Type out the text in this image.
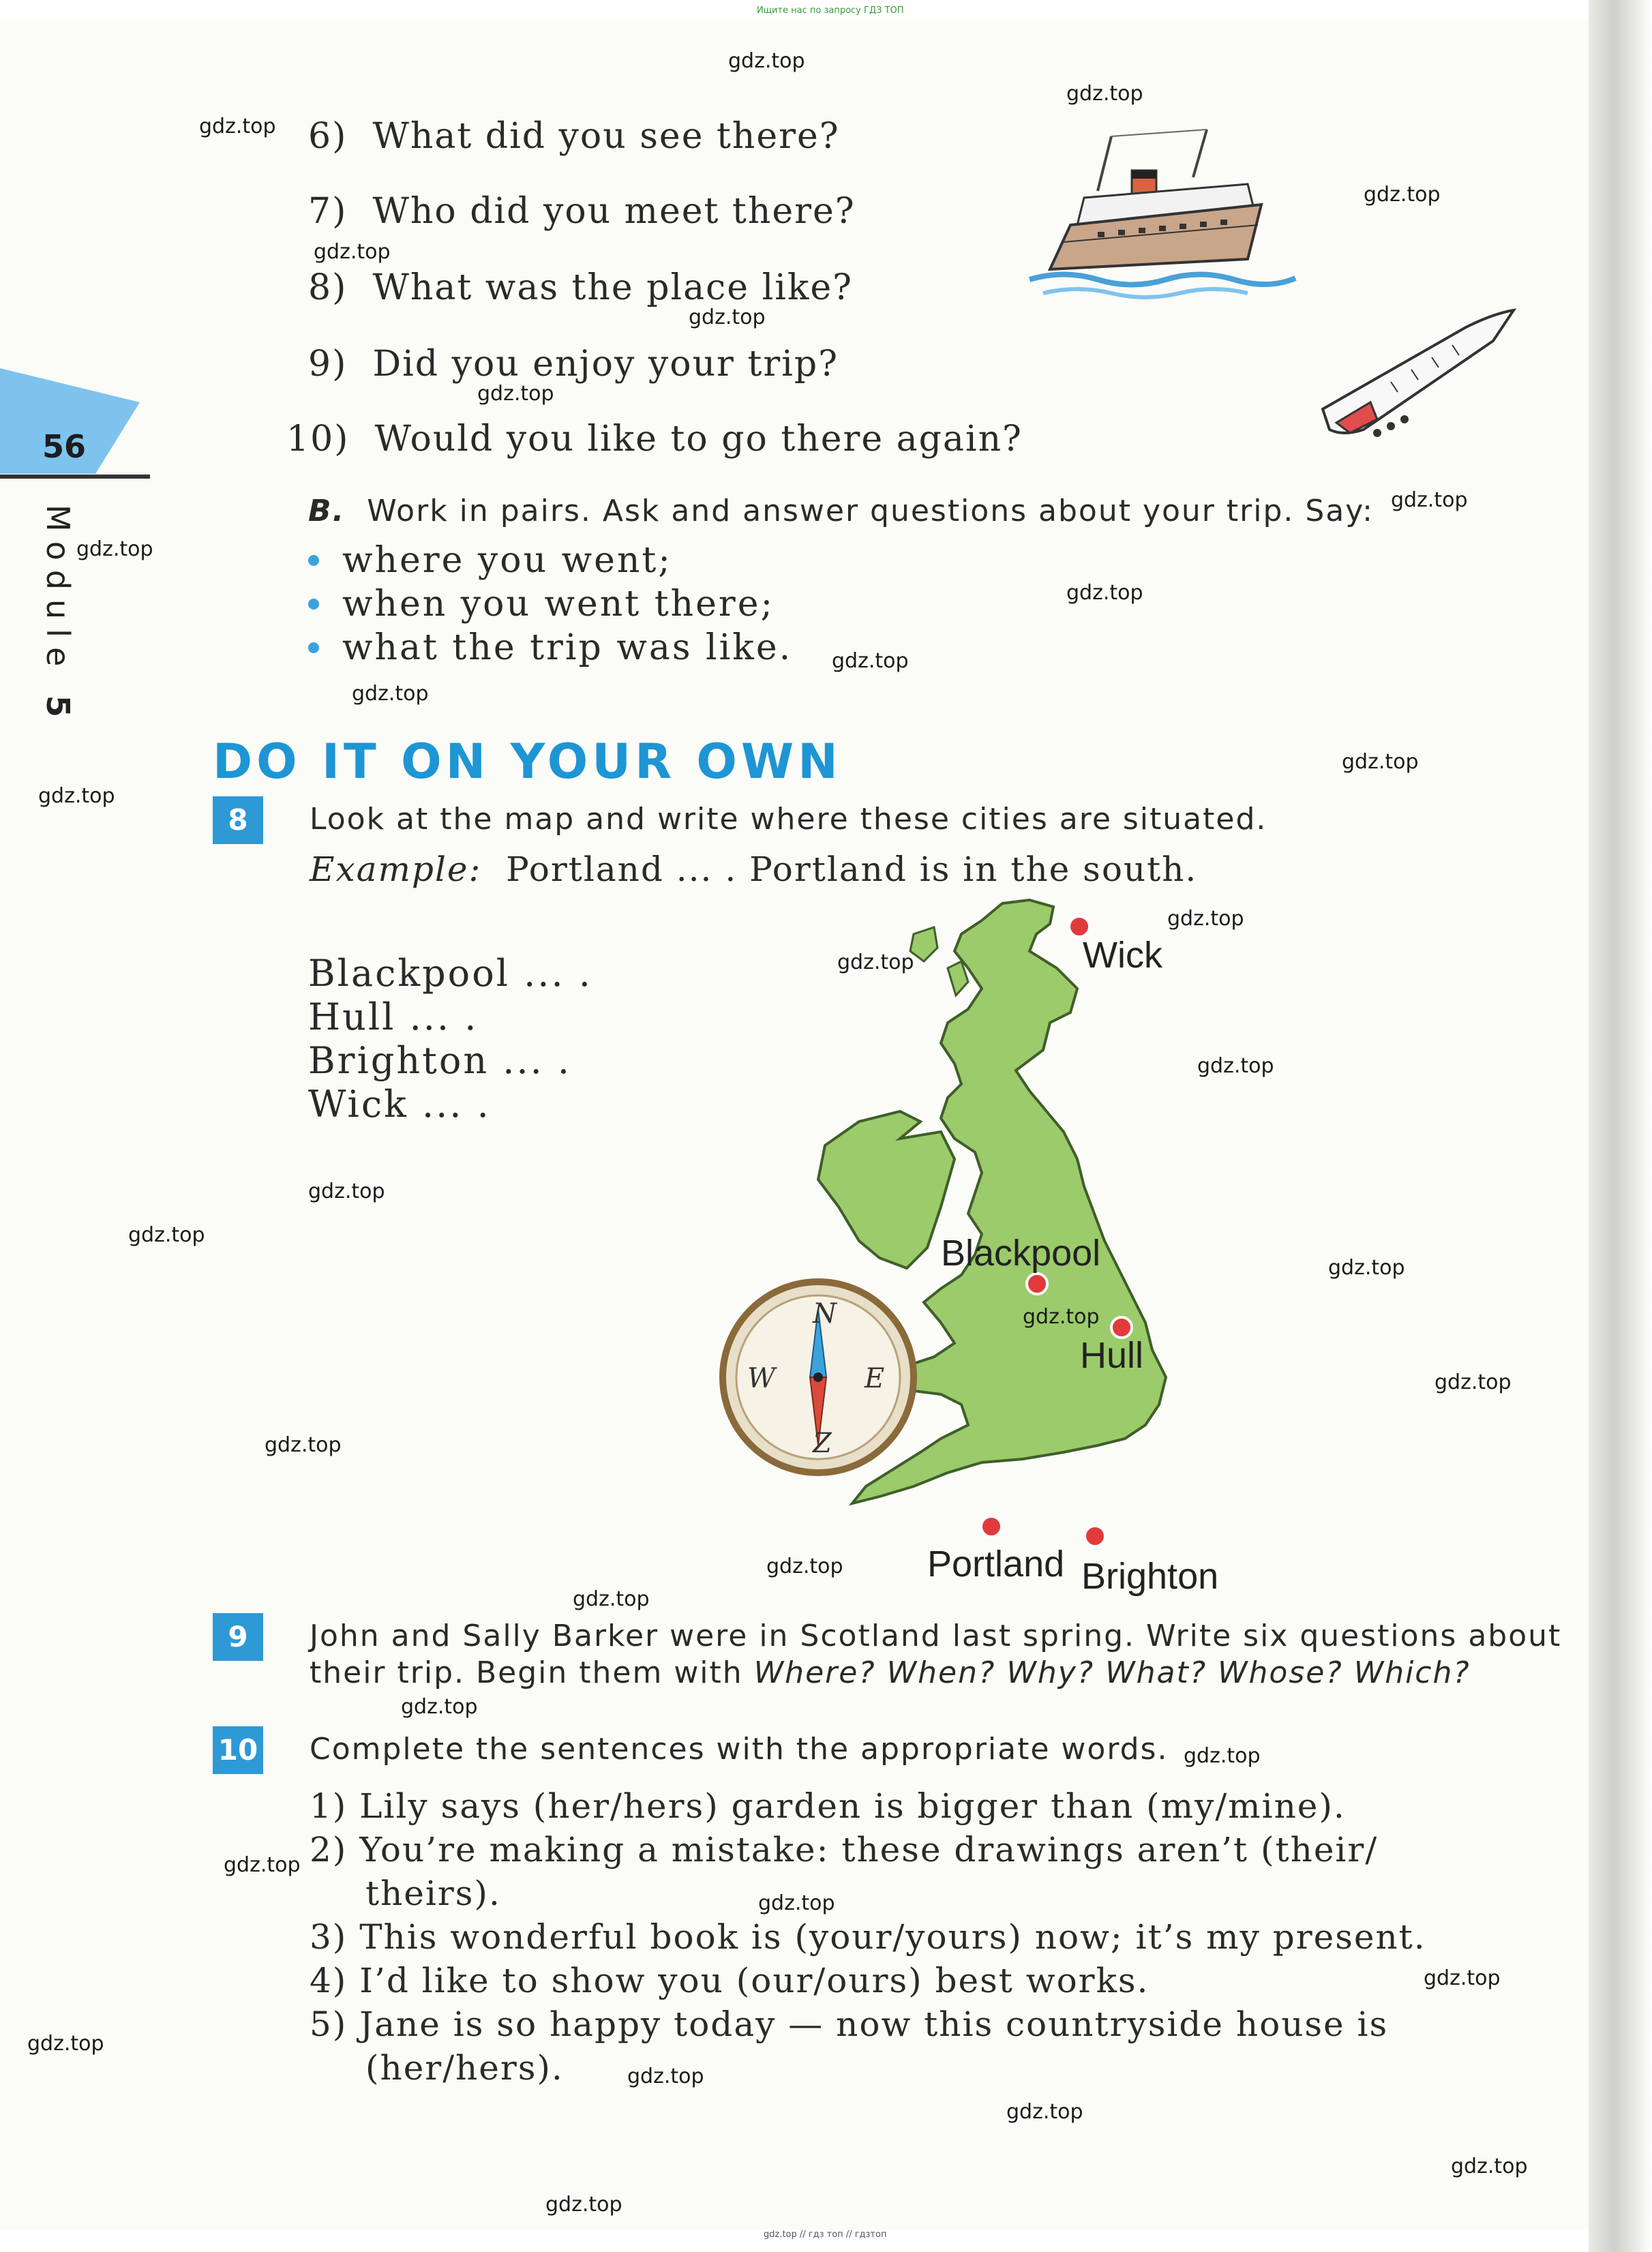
Ищите нас по запросу ГДЗ ТОП
56
Module 5
6) What did you see there?
7) Who did you meet there?
8) What was the place like?
9) Did you enjoy your trip?
10) Would you like to go there again?
B. Work in pairs. Ask and answer questions about your trip. Say:
where you went;
when you went there;
what the trip was like.
DO IT ON YOUR OWN
8	Look at the map and write where these cities are situated.
Example: Portland ... . Portland is in the south.
Blackpool ... .
Hull ... .
Brighton ... .
Wick ... .
N
E
W
Z
Wick
Blackpool
Hull
Portland Brighton
9	John and Sally Barker were in Scotland last spring. Write six questions about
their trip. Begin them with Where? When? Why? What? Whose? Which?
10 Complete the sentences with the appropriate words.
1) Lily says (her/hers) garden is bigger than (my/mine).
2) You’re making a mistake: these drawings aren’t (their/
theirs).
3) This wonderful book is (your/yours) now; it’s my present.
4) I’d like to show you (our/ours) best works.
5) Jane is so happy today — now this countryside house is
(her/hers).
gdz.top
gdz.top
gdz.top
gdz.top
gdz.top
gdz.top
gdz.top
gdz.top
gdz.top
gdz.top
gdz.top
gdz.top
gdz.top
gdz.top
gdz.top
gdz.top
gdz.top
gdz.top
gdz.top
gdz.top
gdz.top
gdz.top
gdz.top
gdz.top
gdz.top
gdz.top
gdz.top
gdz.top
gdz.top
gdz.top
gdz.top
gdz.top
gdz.top
gdz.top
gdz.top
gdz.top // гдз топ // гдзтоп
